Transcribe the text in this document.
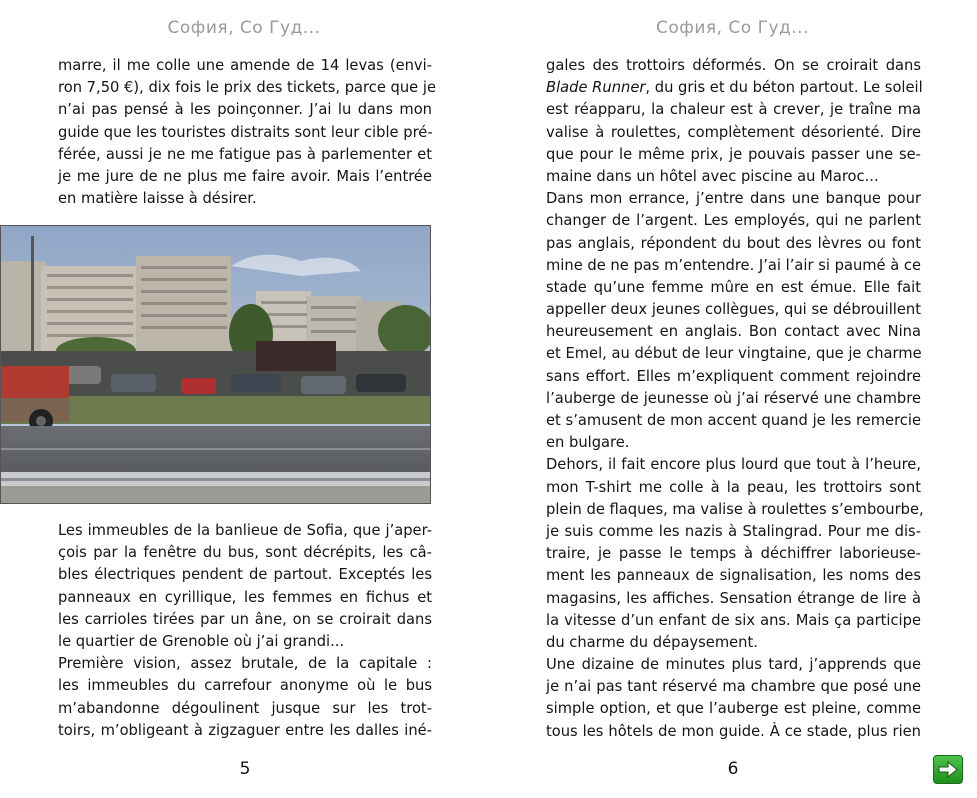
София, Со Гуд...
marre, il me colle une amende de 14 levas (envi-
ron 7,50 €), dix fois le prix des tickets, parce que je
n’ai pas pensé à les poinçonner. J’ai lu dans mon
guide que les touristes distraits sont leur cible pré-
férée, aussi je ne me fatigue pas à parlementer et
je me jure de ne plus me faire avoir. Mais l’entrée
en matière laisse à désirer.
Les immeubles de la banlieue de Sofia, que j’aper-
çois par la fenêtre du bus, sont décrépits, les câ-
bles électriques pendent de partout. Exceptés les
panneaux en cyrillique, les femmes en fichus et
les carrioles tirées par un âne, on se croirait dans
le quartier de Grenoble où j’ai grandi...
Première vision, assez brutale, de la capitale :
les immeubles du carrefour anonyme où le bus
m’abandonne dégoulinent jusque sur les trot-
toirs, m’obligeant à zigzaguer entre les dalles iné-
5
София, Со Гуд...
gales des trottoirs déformés. On se croirait dans
Blade Runner, du gris et du béton partout. Le soleil
est réapparu, la chaleur est à crever, je traîne ma
valise à roulettes, complètement désorienté. Dire
que pour le même prix, je pouvais passer une se-
maine dans un hôtel avec piscine au Maroc...
Dans mon errance, j’entre dans une banque pour
changer de l’argent. Les employés, qui ne parlent
pas anglais, répondent du bout des lèvres ou font
mine de ne pas m’entendre. J’ai l’air si paumé à ce
stade qu’une femme mûre en est émue. Elle fait
appeller deux jeunes collègues, qui se débrouillent
heureusement en anglais. Bon contact avec Nina
et Emel, au début de leur vingtaine, que je charme
sans effort. Elles m’expliquent comment rejoindre
l’auberge de jeunesse où j’ai réservé une chambre
et s’amusent de mon accent quand je les remercie
en bulgare.
Dehors, il fait encore plus lourd que tout à l’heure,
mon T-shirt me colle à la peau, les trottoirs sont
plein de flaques, ma valise à roulettes s’embourbe,
je suis comme les nazis à Stalingrad. Pour me dis-
traire, je passe le temps à déchiffrer laborieuse-
ment les panneaux de signalisation, les noms des
magasins, les affiches. Sensation étrange de lire à
la vitesse d’un enfant de six ans. Mais ça participe
du charme du dépaysement.
Une dizaine de minutes plus tard, j’apprends que
je n’ai pas tant réservé ma chambre que posé une
simple option, et que l’auberge est pleine, comme
tous les hôtels de mon guide. À ce stade, plus rien
6
